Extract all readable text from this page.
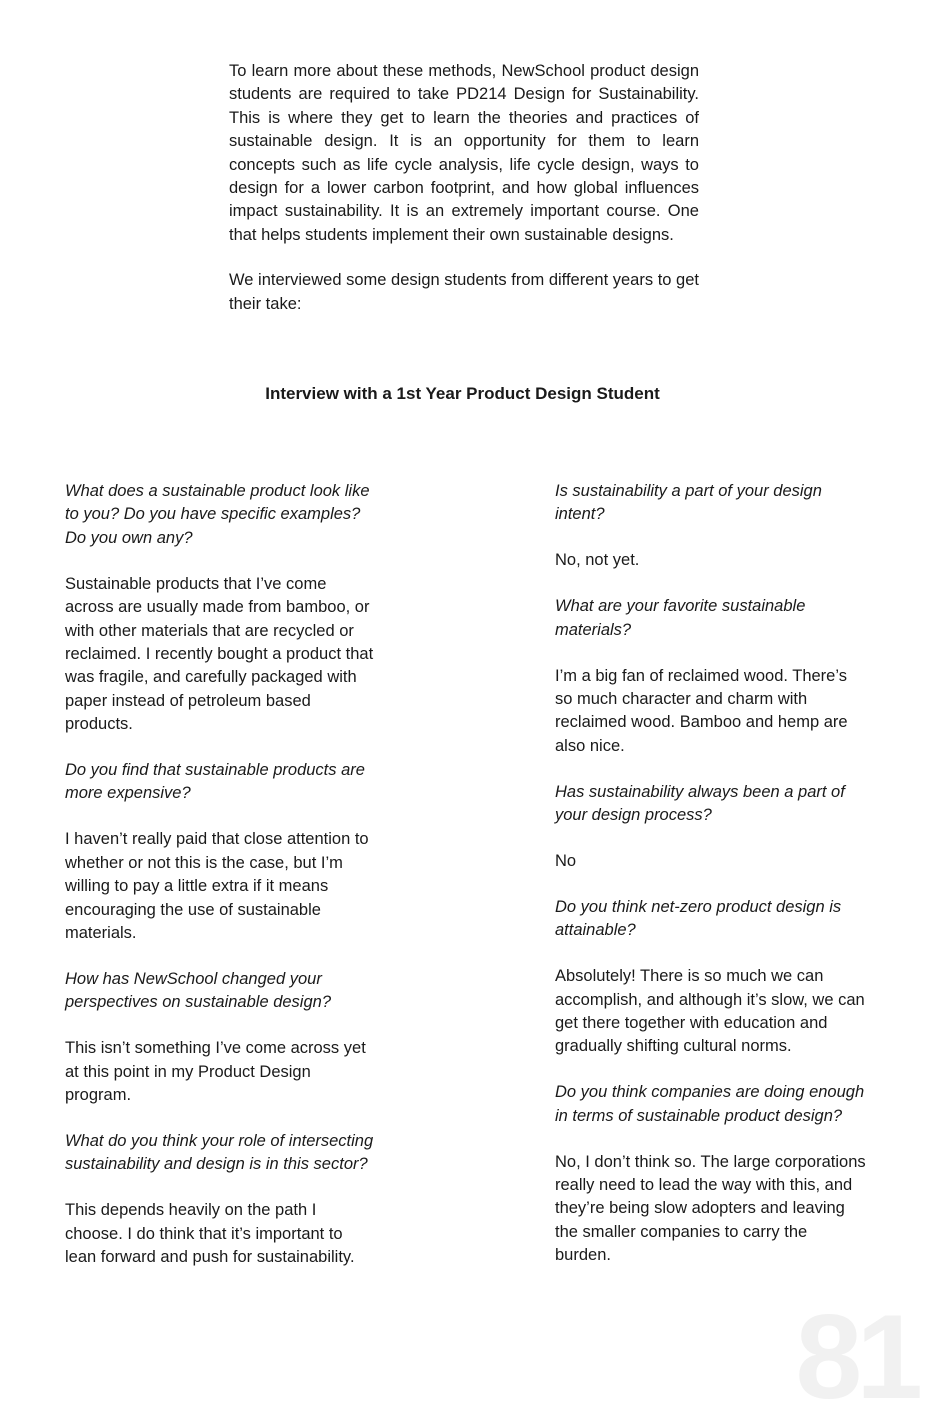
To learn more about these methods, NewSchool product design students are required to take PD214 Design for Sustainability. This is where they get to learn the theories and practices of sustainable design. It is an opportunity for them to learn concepts such as life cycle analysis, life cycle design, ways to design for a lower carbon footprint, and how global influences impact sustainability. It is an extremely important course. One that helps students implement their own sustainable designs.

We interviewed some design students from different years to get their take:

Interview with a 1st Year Product Design Student

What does a sustainable product look like to you? Do you have specific examples? Do you own any?

Sustainable products that I’ve come across are usually made from bamboo, or with other materials that are recycled or reclaimed. I recently bought a product that was fragile, and carefully packaged with paper instead of petroleum based products.

Do you find that sustainable products are more expensive?

I haven’t really paid that close attention to whether or not this is the case, but I’m willing to pay a little extra if it means encouraging the use of sustainable materials.

How has NewSchool changed your perspectives on sustainable design?

This isn’t something I’ve come across yet at this point in my Product Design program.

What do you think your role of intersecting sustainability and design is in this sector?

This depends heavily on the path I choose. I do think that it’s important to lean forward and push for sustainability.

Is sustainability a part of your design intent?

No, not yet.

What are your favorite sustainable materials?

I’m a big fan of reclaimed wood. There’s so much character and charm with reclaimed wood. Bamboo and hemp are also nice.

Has sustainability always been a part of your design process?

No

Do you think net-zero product design is attainable?

Absolutely! There is so much we can accomplish, and although it’s slow, we can get there together with education and gradually shifting cultural norms.

Do you think companies are doing enough in terms of sustainable product design?

No, I don’t think so. The large corporations really need to lead the way with this, and they’re being slow adopters and leaving the smaller companies to carry the burden.

81
